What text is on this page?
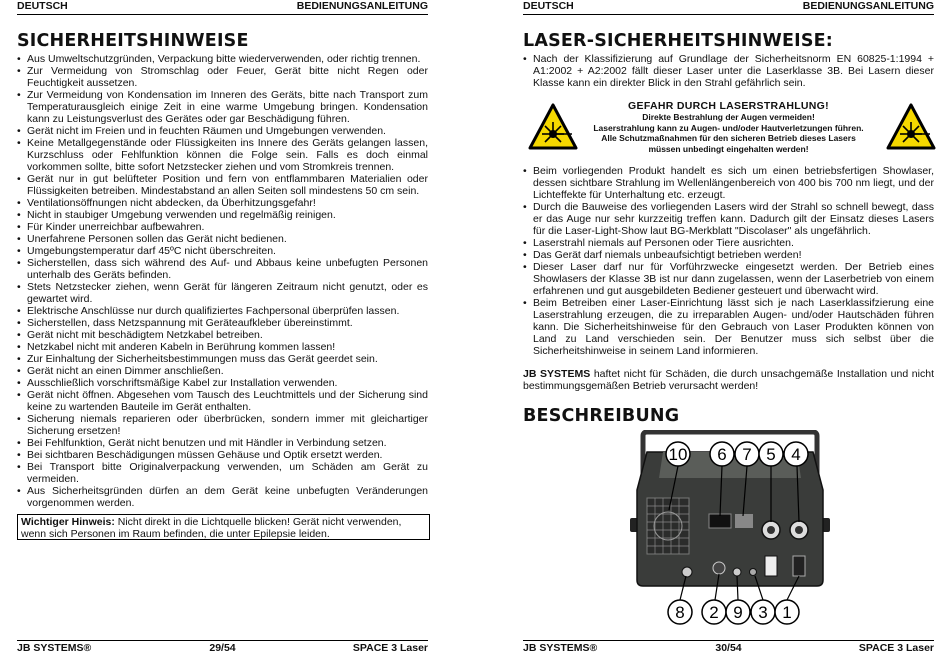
DEUTSCH	BEDIENUNGSANLEITUNG
SICHERHEITSHINWEISE
• Aus Umweltschutzgründen, Verpackung bitte wiederverwenden, oder richtig trennen.
• Zur Vermeidung von Stromschlag oder Feuer, Gerät bitte nicht Regen oder Feuchtigkeit aussetzen.
• Zur Vermeidung von Kondensation im Inneren des Geräts, bitte nach Transport zum Temperaturausgleich einige Zeit in eine warme Umgebung bringen. Kondensation kann zu Leistungsverlust des Gerätes oder gar Beschädigung führen.
• Gerät nicht im Freien und in feuchten Räumen und Umgebungen verwenden.
• Keine Metallgegenstände oder Flüssigkeiten ins Innere des Geräts gelangen lassen, Kurzschluss oder Fehlfunktion können die Folge sein. Falls es doch einmal vorkommen sollte, bitte sofort Netzstecker ziehen und vom Stromkreis trennen.
• Gerät nur in gut belüfteter Position und fern von entflammbaren Materialien oder Flüssigkeiten betreiben. Mindestabstand an allen Seiten soll mindestens 50 cm sein.
• Ventilationsöffnungen nicht abdecken, da Überhitzungsgefahr!
• Nicht in staubiger Umgebung verwenden und regelmäßig reinigen.
• Für Kinder unerreichbar aufbewahren.
• Unerfahrene Personen sollen das Gerät nicht bedienen.
• Umgebungstemperatur darf 45ºC nicht überschreiten.
• Sicherstellen, dass sich während des Auf- und Abbaus keine unbefugten Personen unterhalb des Geräts befinden.
• Stets Netzstecker ziehen, wenn Gerät für längeren Zeitraum nicht genutzt, oder es gewartet wird.
• Elektrische Anschlüsse nur durch qualifiziertes Fachpersonal überprüfen lassen.
• Sicherstellen, dass Netzspannung mit Geräteaufkleber übereinstimmt.
• Gerät nicht mit beschädigtem Netzkabel betreiben.
• Netzkabel nicht mit anderen Kabeln in Berührung kommen lassen!
• Zur Einhaltung der Sicherheitsbestimmungen muss das Gerät geerdet sein.
• Gerät nicht an einen Dimmer anschließen.
• Ausschließlich vorschriftsmäßige Kabel zur Installation verwenden.
• Gerät nicht öffnen. Abgesehen vom Tausch des Leuchtmittels und der Sicherung sind keine zu wartenden Bauteile im Gerät enthalten.
• Sicherung niemals reparieren oder überbrücken, sondern immer mit gleichartiger Sicherung ersetzen!
• Bei Fehlfunktion, Gerät nicht benutzen und mit Händler in Verbindung setzen.
• Bei sichtbaren Beschädigungen müssen Gehäuse und Optik ersetzt werden.
• Bei Transport bitte Originalverpackung verwenden, um Schäden am Gerät zu vermeiden.
• Aus Sicherheitsgründen dürfen an dem Gerät keine unbefugten Veränderungen vorgenommen werden.
Wichtiger Hinweis: Nicht direkt in die Lichtquelle blicken! Gerät nicht verwenden, wenn sich Personen im Raum befinden, die unter Epilepsie leiden.
JB SYSTEMS®	29/54	SPACE 3 Laser
DEUTSCH	BEDIENUNGSANLEITUNG
LASER-SICHERHEITSHINWEISE:
• Nach der Klassifizierung auf Grundlage der Sicherheitsnorm EN 60825-1:1994 + A1:2002 + A2:2002 fällt dieser Laser unter die Laserklasse 3B. Bei Lasern dieser Klasse kann ein direkter Blick in den Strahl gefährlich sein.
GEFAHR DURCH LASERSTRAHLUNG!
Direkte Bestrahlung der Augen vermeiden!
Laserstrahlung kann zu Augen- und/oder Hautverletzungen führen.
Alle Schutzmaßnahmen für den sicheren Betrieb dieses Lasers
müssen unbedingt eingehalten werden!
• Beim vorliegenden Produkt handelt es sich um einen betriebsfertigen Showlaser, dessen sichtbare Strahlung im Wellenlängenbereich von 400 bis 700 nm liegt, und der Lichteffekte für Unterhaltung etc. erzeugt.
• Durch die Bauweise des vorliegenden Lasers wird der Strahl so schnell bewegt, dass er das Auge nur sehr kurzzeitig treffen kann. Dadurch gilt der Einsatz dieses Lasers für die Laser-Light-Show laut BG-Merkblatt "Discolaser" als ungefährlich.
• Laserstrahl niemals auf Personen oder Tiere ausrichten.
• Das Gerät darf niemals unbeaufsichtigt betrieben werden!
• Dieser Laser darf nur für Vorführzwecke eingesetzt werden. Der Betrieb eines Showlasers der Klasse 3B ist nur dann zugelassen, wenn der Laserbetrieb von einem erfahrenen und gut ausgebildeten Bediener gesteuert und überwacht wird.
• Beim Betreiben einer Laser-Einrichtung lässt sich je nach Laserklassifzierung eine Laserstrahlung erzeugen, die zu irreparablen Augen- und/oder Hautschäden führen kann. Die Sicherheitshinweise für den Gebrauch von Laser Produkten können von Land zu Land verschieden sein. Der Benutzer muss sich selbst über die Sicherheitshinweise in seinem Land informieren.
JB SYSTEMS haftet nicht für Schäden, die durch unsachgemäße Installation und nicht bestimmungsgemäßen Betrieb verursacht werden!
BESCHREIBUNG
10 6 7 5 4
8 2 9 3 1
JB SYSTEMS®	30/54	SPACE 3 Laser
